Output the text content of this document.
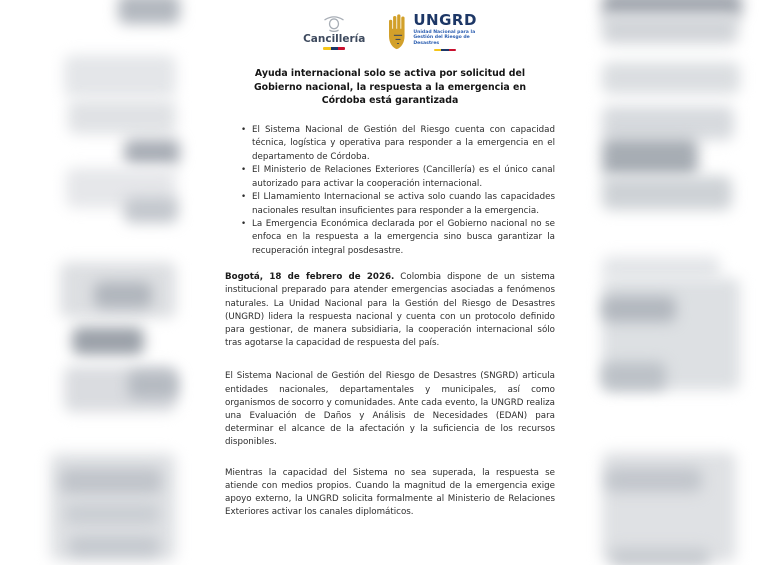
Cancillería
UNGRD
Unidad Nacional para la Gestión del Riesgo de Desastres
Ayuda internacional solo se activa por solicitud del Gobierno nacional, la respuesta a la emergencia en Córdoba está garantizada
• El Sistema Nacional de Gestión del Riesgo cuenta con capacidad técnica, logística y operativa para responder a la emergencia en el departamento de Córdoba.
• El Ministerio de Relaciones Exteriores (Cancillería) es el único canal autorizado para activar la cooperación internacional.
• El Llamamiento Internacional se activa solo cuando las capacidades nacionales resultan insuficientes para responder a la emergencia.
• La Emergencia Económica declarada por el Gobierno nacional no se enfoca en la respuesta a la emergencia sino busca garantizar la recuperación integral posdesastre.

Bogotá, 18 de febrero de 2026. Colombia dispone de un sistema institucional preparado para atender emergencias asociadas a fenómenos naturales. La Unidad Nacional para la Gestión del Riesgo de Desastres (UNGRD) lidera la respuesta nacional y cuenta con un protocolo definido para gestionar, de manera subsidiaria, la cooperación internacional sólo tras agotarse la capacidad de respuesta del país.

El Sistema Nacional de Gestión del Riesgo de Desastres (SNGRD) articula entidades nacionales, departamentales y municipales, así como organismos de socorro y comunidades. Ante cada evento, la UNGRD realiza una Evaluación de Daños y Análisis de Necesidades (EDAN) para determinar el alcance de la afectación y la suficiencia de los recursos disponibles.

Mientras la capacidad del Sistema no sea superada, la respuesta se atiende con medios propios. Cuando la magnitud de la emergencia exige apoyo externo, la UNGRD solicita formalmente al Ministerio de Relaciones Exteriores activar los canales diplomáticos.
